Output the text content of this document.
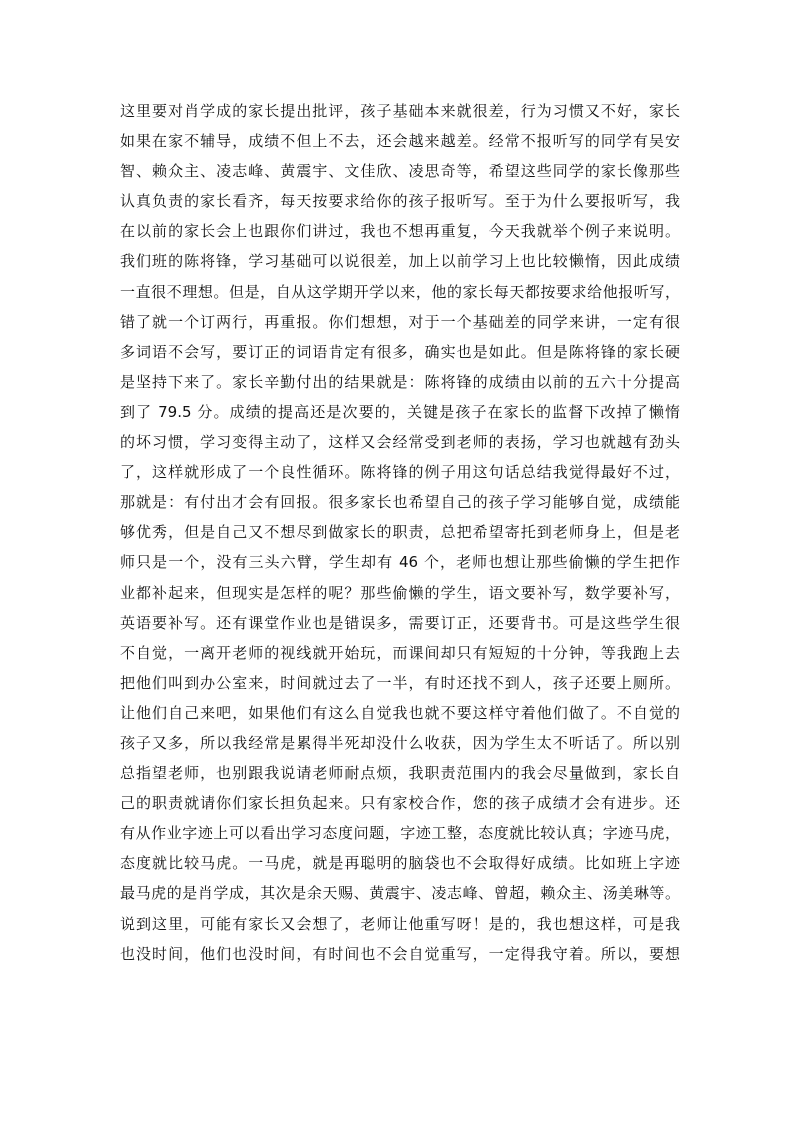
这里要对肖学成的家长提出批评，孩子基础本来就很差，行为习惯又不好，家长
如果在家不辅导，成绩不但上不去，还会越来越差。经常不报听写的同学有吴安
智、赖众主、凌志峰、黄震宇、文佳欣、凌思奇等，希望这些同学的家长像那些
认真负责的家长看齐，每天按要求给你的孩子报听写。至于为什么要报听写，我
在以前的家长会上也跟你们讲过，我也不想再重复，今天我就举个例子来说明。
我们班的陈将锋，学习基础可以说很差，加上以前学习上也比较懒惰，因此成绩
一直很不理想。但是，自从这学期开学以来，他的家长每天都按要求给他报听写，
错了就一个订两行，再重报。你们想想，对于一个基础差的同学来讲，一定有很
多词语不会写，要订正的词语肯定有很多，确实也是如此。但是陈将锋的家长硬
是坚持下来了。家长辛勤付出的结果就是：陈将锋的成绩由以前的五六十分提高
到了 79.5 分。成绩的提高还是次要的，关键是孩子在家长的监督下改掉了懒惰
的坏习惯，学习变得主动了，这样又会经常受到老师的表扬，学习也就越有劲头
了，这样就形成了一个良性循环。陈将锋的例子用这句话总结我觉得最好不过，
那就是：有付出才会有回报。很多家长也希望自己的孩子学习能够自觉，成绩能
够优秀，但是自己又不想尽到做家长的职责，总把希望寄托到老师身上，但是老
师只是一个，没有三头六臂，学生却有 46 个，老师也想让那些偷懒的学生把作
业都补起来，但现实是怎样的呢？那些偷懒的学生，语文要补写，数学要补写，
英语要补写。还有课堂作业也是错误多，需要订正，还要背书。可是这些学生很
不自觉，一离开老师的视线就开始玩，而课间却只有短短的十分钟，等我跑上去
把他们叫到办公室来，时间就过去了一半，有时还找不到人，孩子还要上厕所。
让他们自己来吧，如果他们有这么自觉我也就不要这样守着他们做了。不自觉的
孩子又多，所以我经常是累得半死却没什么收获，因为学生太不听话了。所以别
总指望老师，也别跟我说请老师耐点烦，我职责范围内的我会尽量做到，家长自
己的职责就请你们家长担负起来。只有家校合作，您的孩子成绩才会有进步。还
有从作业字迹上可以看出学习态度问题，字迹工整，态度就比较认真；字迹马虎，
态度就比较马虎。一马虎，就是再聪明的脑袋也不会取得好成绩。比如班上字迹
最马虎的是肖学成，其次是余天赐、黄震宇、凌志峰、曾超，赖众主、汤美琳等。
说到这里，可能有家长又会想了，老师让他重写呀！是的，我也想这样，可是我
也没时间，他们也没时间，有时间也不会自觉重写，一定得我守着。所以，要想
